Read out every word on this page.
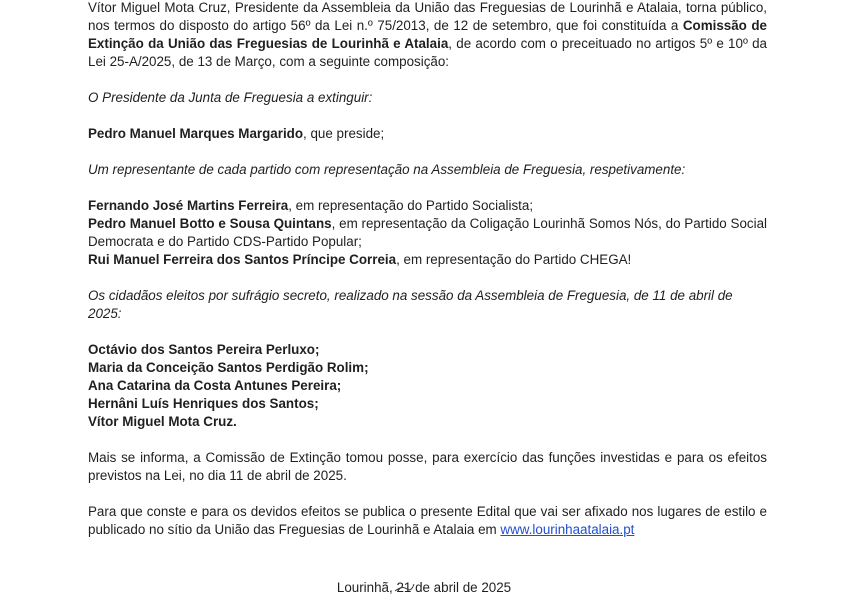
Vítor Miguel Mota Cruz, Presidente da Assembleia da União das Freguesias de Lourinhã e Atalaia, torna público, nos termos do disposto do artigo 56º da Lei n.º 75/2013, de 12 de setembro, que foi constituída a Comissão de Extinção da União das Freguesias de Lourinhã e Atalaia, de acordo com o preceituado no artigos 5º e 10º da Lei 25-A/2025, de 13 de Março, com a seguinte composição:

O Presidente da Junta de Freguesia a extinguir:

Pedro Manuel Marques Margarido, que preside;

Um representante de cada partido com representação na Assembleia de Freguesia, respetivamente:

Fernando José Martins Ferreira, em representação do Partido Socialista;

Pedro Manuel Botto e Sousa Quintans, em representação da Coligação Lourinhã Somos Nós, do Partido Social Democrata e do Partido CDS-Partido Popular;

Rui Manuel Ferreira dos Santos Príncipe Correia, em representação do Partido CHEGA!

Os cidadãos eleitos por sufrágio secreto, realizado na sessão da Assembleia de Freguesia, de 11 de abril de 2025:

Octávio dos Santos Pereira Perluxo;

Maria da Conceição Santos Perdigão Rolim;

Ana Catarina da Costa Antunes Pereira;

Hernâni Luís Henriques dos Santos;

Vítor Miguel Mota Cruz.

Mais se informa, a Comissão de Extinção tomou posse, para exercício das funções investidas e para os efeitos previstos na Lei, no dia 11 de abril de 2025.

Para que conste e para os devidos efeitos se publica o presente Edital que vai ser afixado nos lugares de estilo e publicado no sítio da União das Freguesias de Lourinhã e Atalaia em www.lourinhaatalaia.pt

Lourinhã, 21
de abril de 2025
